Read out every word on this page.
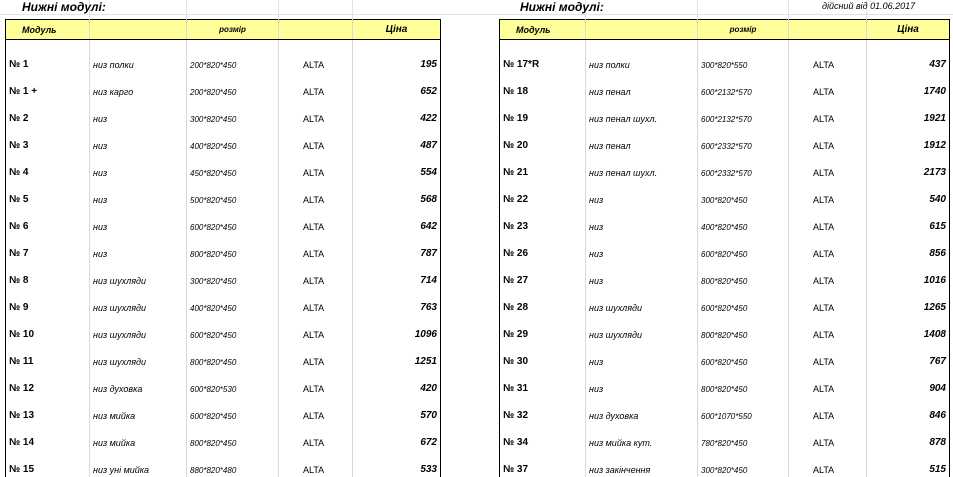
Нижні модулі:	Нижні модулі:	дійсний від 01.06.2017
Модуль		розмір		Ціна

№ 1	низ полки	200*820*450	ALTA	195
№ 1 +	низ карго	200*820*450	ALTA	652
№ 2	низ	300*820*450	ALTA	422
№ 3	низ	400*820*450	ALTA	487
№ 4	низ	450*820*450	ALTA	554
№ 5	низ	500*820*450	ALTA	568
№ 6	низ	600*820*450	ALTA	642
№ 7	низ	800*820*450	ALTA	787
№ 8	низ шухляди	300*820*450	ALTA	714
№ 9	низ шухляди	400*820*450	ALTA	763
№ 10	низ шухляди	600*820*450	ALTA	1096
№ 11	низ шухляди	800*820*450	ALTA	1251
№ 12	низ духовка	600*820*530	ALTA	420
№ 13	низ мийка	600*820*450	ALTA	570
№ 14	низ мийка	800*820*450	ALTA	672
№ 15	низ уні мийка	880*820*480	ALTA	533
Модуль		розмір		Ціна

№ 17*R	низ полки	300*820*550	ALTA	437
№ 18	низ пенал	600*2132*570	ALTA	1740
№ 19	низ пенал шухл.	600*2132*570	ALTA	1921
№ 20	низ пенал	600*2332*570	ALTA	1912
№ 21	низ пенал шухл.	600*2332*570	ALTA	2173
№ 22	низ	300*820*450	ALTA	540
№ 23	низ	400*820*450	ALTA	615
№ 26	низ	600*820*450	ALTA	856
№ 27	низ	800*820*450	ALTA	1016
№ 28	низ шухляди	600*820*450	ALTA	1265
№ 29	низ шухляди	800*820*450	ALTA	1408
№ 30	низ	600*820*450	ALTA	767
№ 31	низ	800*820*450	ALTA	904
№ 32	низ духовка	600*1070*550	ALTA	846
№ 34	низ мийка кут.	780*820*450	ALTA	878
№ 37	низ закінчення	300*820*450	ALTA	515
